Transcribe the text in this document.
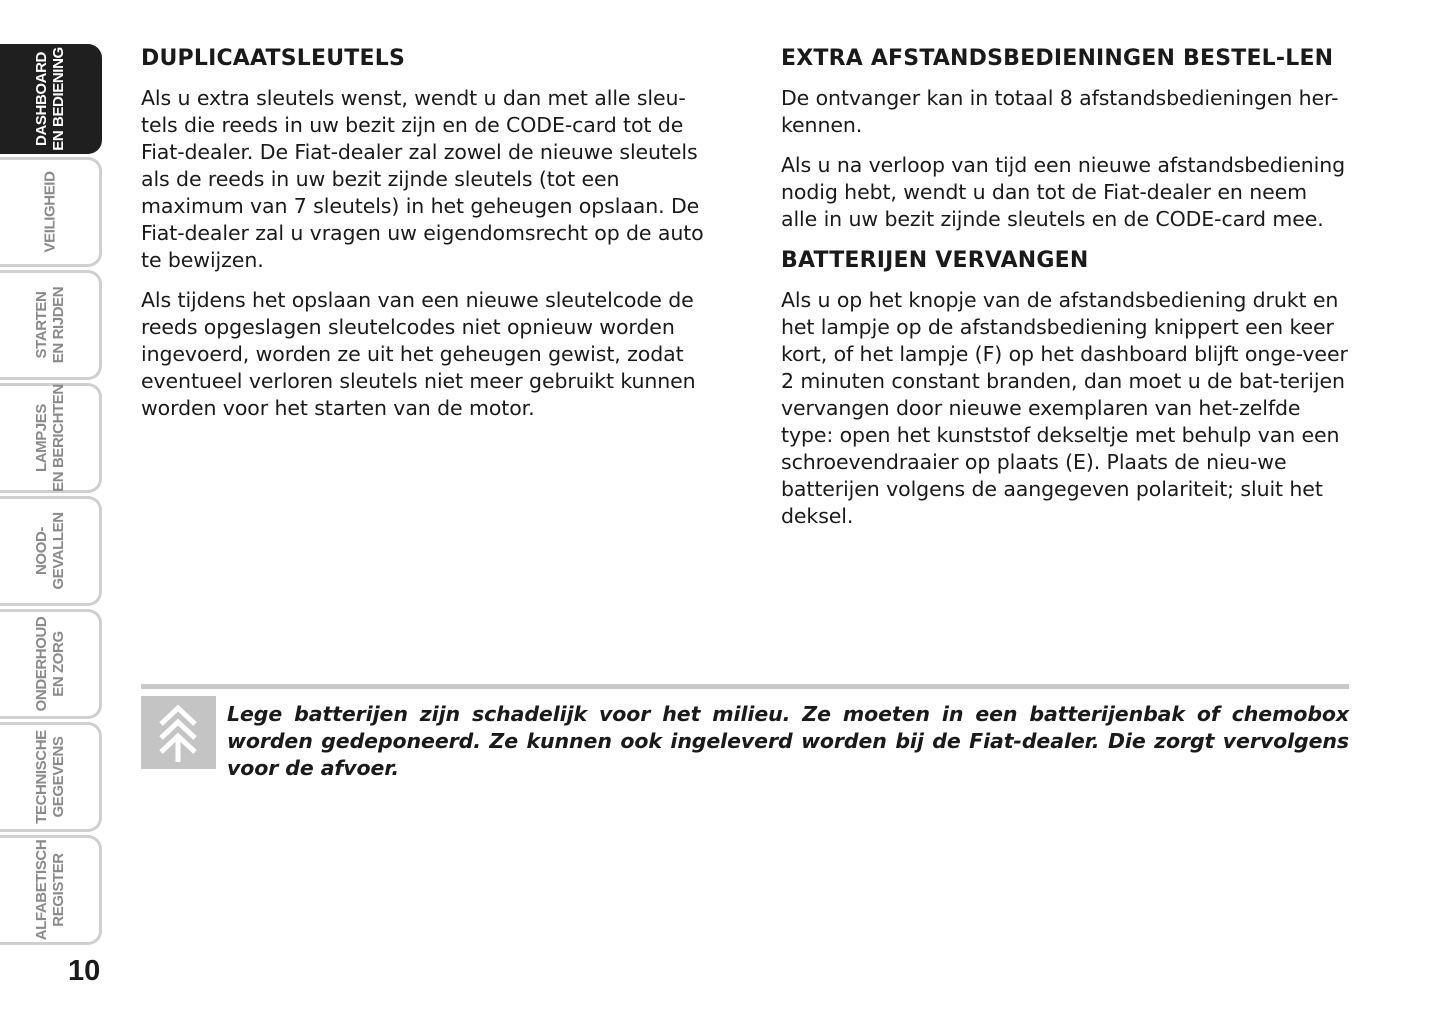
DASHBOARD EN BEDIENING
VEILIGHEID
STARTEN EN RIJDEN
LAMPJES EN BERICHTEN
NOOD- GEVALLEN
ONDERHOUD EN ZORG
TECHNISCHE GEGEVENS
ALFABETISCH REGISTER
10
DUPLICAATSLEUTELS

Als u extra sleutels wenst, wendt u dan met alle sleu-tels die reeds in uw bezit zijn en de CODE-card tot de Fiat-dealer. De Fiat-dealer zal zowel de nieuwe sleutels als de reeds in uw bezit zijnde sleutels (tot een maximum van 7 sleutels) in het geheugen opslaan. De Fiat-dealer zal u vragen uw eigendomsrecht op de auto te bewijzen.

Als tijdens het opslaan van een nieuwe sleutelcode de reeds opgeslagen sleutelcodes niet opnieuw worden ingevoerd, worden ze uit het geheugen gewist, zodat eventueel verloren sleutels niet meer gebruikt kunnen worden voor het starten van de motor.

EXTRA AFSTANDSBEDIENINGEN BESTEL-LEN

De ontvanger kan in totaal 8 afstandsbedieningen her-kennen.

Als u na verloop van tijd een nieuwe afstandsbediening nodig hebt, wendt u dan tot de Fiat-dealer en neem alle in uw bezit zijnde sleutels en de CODE-card mee.

BATTERIJEN VERVANGEN

Als u op het knopje van de afstandsbediening drukt en het lampje op de afstandsbediening knippert een keer kort, of het lampje (F) op het dashboard blijft onge-veer 2 minuten constant branden, dan moet u de bat-terijen vervangen door nieuwe exemplaren van het-zelfde type: open het kunststof dekseltje met behulp van een schroevendraaier op plaats (E). Plaats de nieu-we batterijen volgens de aangegeven polariteit; sluit het deksel.

Lege batterijen zijn schadelijk voor het milieu. Ze moeten in een batterijenbak of chemobox worden gedeponeerd. Ze kunnen ook ingeleverd worden bij de Fiat-dealer. Die zorgt vervolgens voor de afvoer.
